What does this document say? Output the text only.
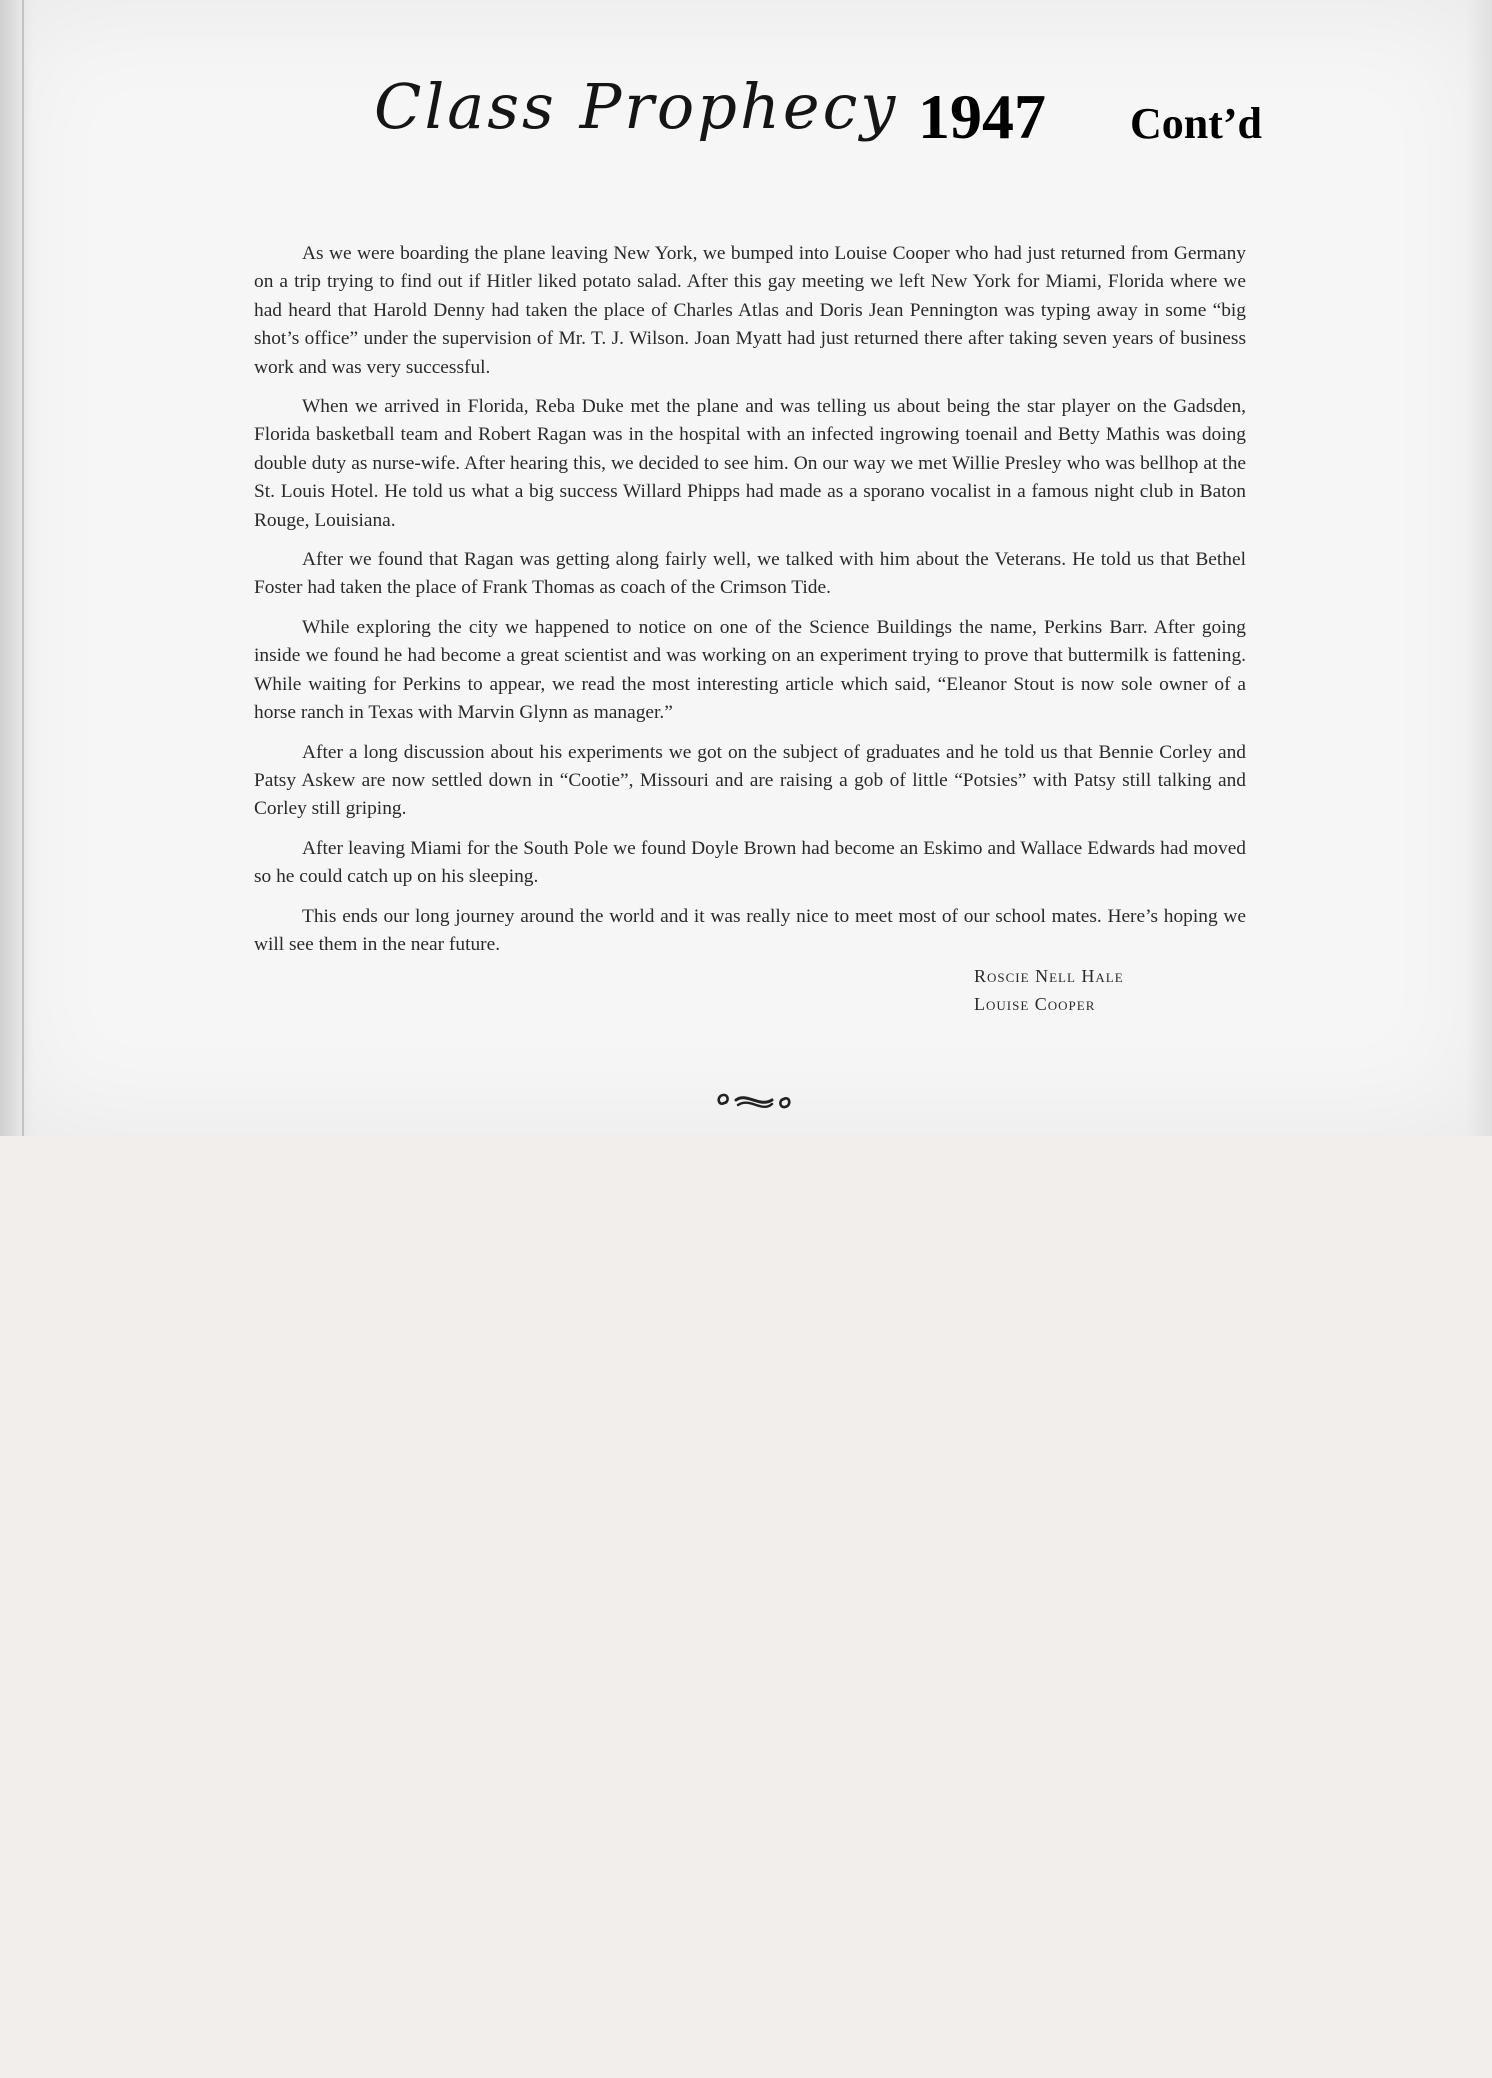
Class Prophecy 1947 Cont’d

As we were boarding the plane leaving New York, we bumped into Louise Cooper who had just returned from Germany on a trip trying to find out if Hitler liked potato salad. After this gay meeting we left New York for Miami, Florida where we had heard that Harold Denny had taken the place of Charles Atlas and Doris Jean Pennington was typing away in some “big shot’s office” under the supervision of Mr. T. J. Wilson. Joan Myatt had just returned there after taking seven years of business work and was very successful.

When we arrived in Florida, Reba Duke met the plane and was telling us about being the star player on the Gadsden, Florida basketball team and Robert Ragan was in the hospital with an infected ingrowing toenail and Betty Mathis was doing double duty as nurse-wife. After hearing this, we decided to see him. On our way we met Willie Presley who was bellhop at the St. Louis Hotel. He told us what a big success Willard Phipps had made as a sporano vocalist in a famous night club in Baton Rouge, Louisiana.

After we found that Ragan was getting along fairly well, we talked with him about the Veterans. He told us that Bethel Foster had taken the place of Frank Thomas as coach of the Crimson Tide.

While exploring the city we happened to notice on one of the Science Buildings the name, Perkins Barr. After going inside we found he had become a great scientist and was working on an experiment trying to prove that buttermilk is fattening. While waiting for Perkins to appear, we read the most interesting article which said, “Eleanor Stout is now sole owner of a horse ranch in Texas with Marvin Glynn as manager.”

After a long discussion about his experiments we got on the subject of graduates and he told us that Bennie Corley and Patsy Askew are now settled down in “Cootie”, Missouri and are raising a gob of little “Potsies” with Patsy still talking and Corley still griping.

After leaving Miami for the South Pole we found Doyle Brown had become an Eskimo and Wallace Edwards had moved so he could catch up on his sleeping.

This ends our long journey around the world and it was really nice to meet most of our school mates. Here’s hoping we will see them in the near future.

Roscie Nell Hale
Louise Cooper
